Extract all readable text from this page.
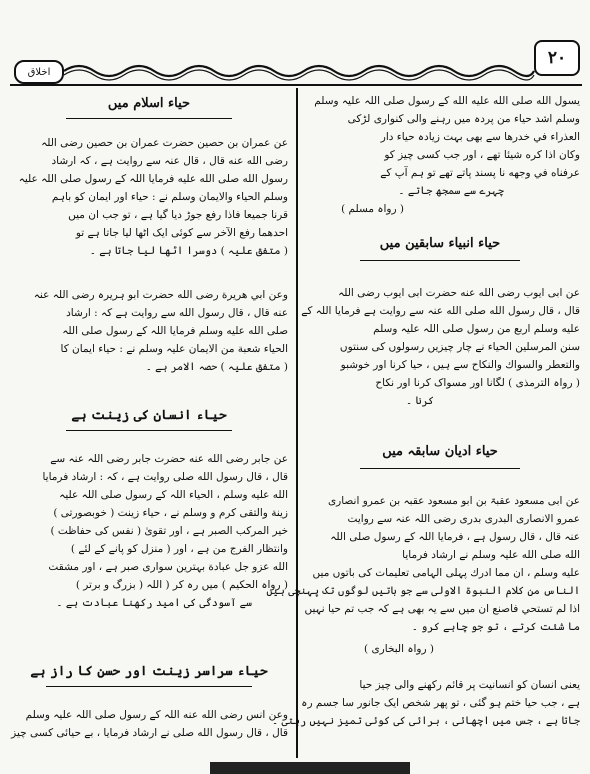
۲۰
اخلاق
يسول الله صلى الله عليه الله کے رسول صلی اللہ علیہ وسلم
وسلم اشد حياء من پردہ میں رہنے والی کنواری لڑکی
العذراء في خدرها سے بھی بہت زیادہ حیاء دار
وكان اذا كره شيئا تھے ، اور جب کسی چیز کو
عرفناه في وجهه نا پسند پاتے تھے تو ہم آپ کے
چہرے سے سمجھ جاتے ۔
( رواہ مسلم )
حیاء انبیاء سابقین میں
عن ابى ايوب رضى الله عنه حضرت ابی ایوب رضی اللہ
قال ، قال رسول الله صلى الله عنہ سے روایت ہے فرمایا اللہ کے
عليه وسلم اربع من رسول صلی اللہ علیہ وسلم
سنن المرسلين الحياء نے چار چیزیں رسولوں کی سنتوں
والتعطر والسواك والنكاح سے ہیں ، حیا کرنا اور خوشبو
( رواہ الترمذی ) لگانا اور مسواک کرنا اور نکاح
کرنا ۔
حیاء ادیان سابقہ میں
عن ابی مسعود عقبۃ بن ابو مسعود عقبہ بن عمرو انصاری
عمرو الانصاری البدری بدری رضی اللہ عنہ سے روایت
عنہ قال ، قال رسول ہے ، فرمایا اللہ کے رسول صلی اللہ
الله صلى الله علیہ وسلم نے ارشاد فرمایا
عليه وسلم ، ان مما ادرك پہلی الہامی تعلیمات کی باتوں میں
الناس من كلام النبوة الاولى سے جو باتیں لوگوں تک پہنچی ہیں
اذا لم تستحي فاصنع ان میں سے یہ بھی ہے کہ جب تم حیا نہیں
ما شئت کرتے ، تو جو چاہے کرو ۔
( رواہ البخاری )
یعنی انسان کو انسانیت پر قائم رکھنے والی چیز حیا
ہے ، جب حیا ختم ہو گئی ، تو پھر شخص ایک جانور سا جسم رہ
جاتا ہے ، جس میں اچھائی ، برائی کی کوئی تمیز نہیں رہتی ۔
حیاء اسلام میں
عن عمران بن حصين حضرت عمران بن حصین رضی اللہ
رضى الله عنه قال ، قال عنہ سے روایت ہے ، کہ ارشاد
رسول الله صلى الله عليه فرمایا اللہ کے رسول صلی اللہ علیہ
وسلم الحياء والايمان وسلم نے : حیاء اور ایمان کو باہم
قرنا جميعا فاذا رفع جوڑ دیا گیا ہے ، تو جب ان میں
احدهما رفع الآخر سے کوئی ایک اٹھا لیا جاتا ہے تو
( متفق علیہ ) دوسرا اٹھا لیا جاتا ہے ۔
وعن ابي هريرة رضى الله حضرت ابو ہریرہ رضی اللہ عنہ
عنه قال ، قال رسول الله سے روایت ہے کہ : ارشاد
صلى الله عليه وسلم فرمایا اللہ کے رسول صلی اللہ
الحياء شعبة من الايمان علیہ وسلم نے : حیاء ایمان کا
( متفق علیہ ) حصہ الامر ہے ۔
حیاء انسان کی زینت ہے
عن جابر رضى الله عنه حضرت جابر رضی اللہ عنہ سے
قال ، قال رسول الله صلى روایت ہے ، کہ : ارشاد فرمایا
الله عليه وسلم ، الحياء اللہ کے رسول صلی اللہ علیہ
زينة والتقى كرم و وسلم نے ، حیاء زینت ( خوبصورتی )
خير المركب الصبر ہے ، اور تقویٰ ( نفس کی حفاظت )
وانتظار الفرج من ہے ، اور ( منزل کو پانے کے لئے )
الله عزو جل عبادة بہترین سواری صبر ہے ، اور مشقت
( رواہ الحکیم ) میں رہ کر ( اللہ ( بزرگ و برتر )
سے آسودگی کی امید رکھنا عبادت ہے ۔
حیاء سراسر زینت اور حسن کا راز ہے
وعن انس رضى الله عنه اللہ کے رسول صلی اللہ علیہ وسلم
قال ، قال رسول الله صلى نے ارشاد فرمایا ، بے حیائی کسی چیز
